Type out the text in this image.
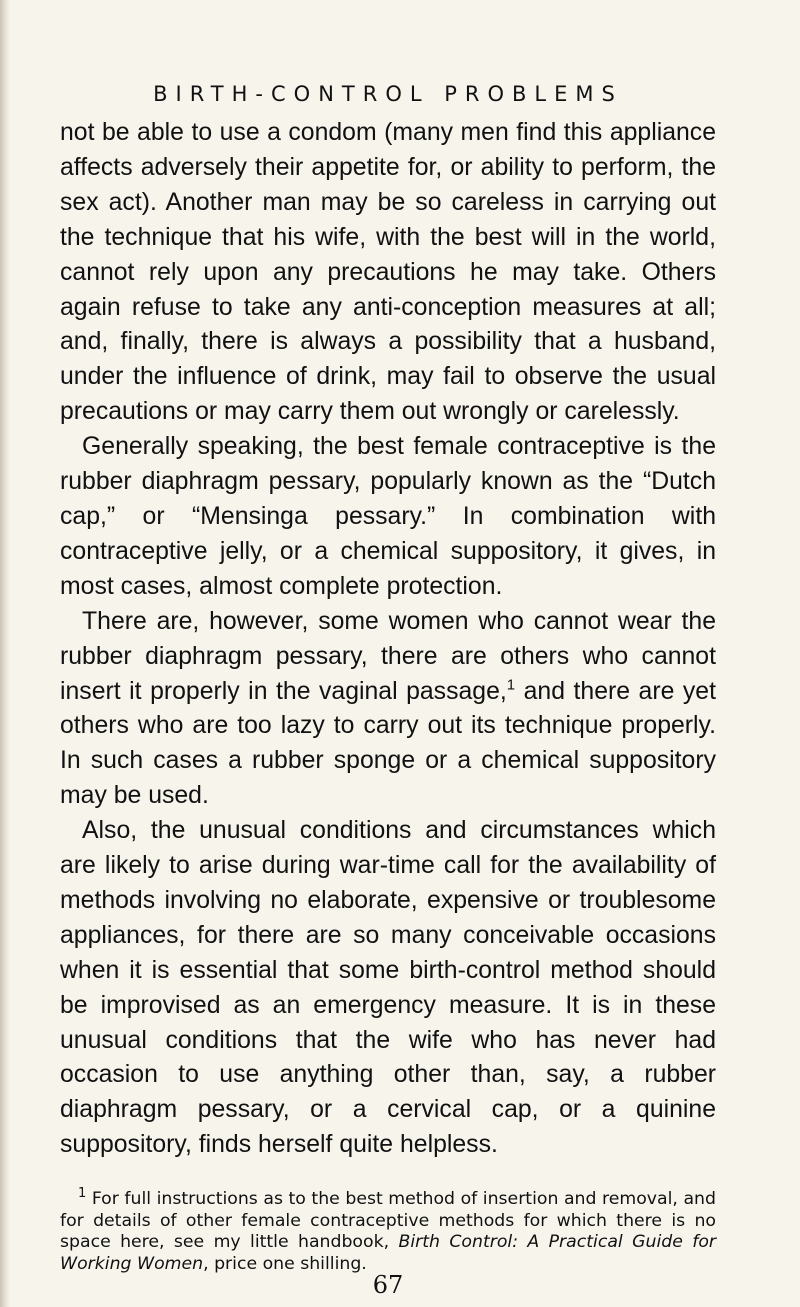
BIRTH-CONTROL PROBLEMS

not be able to use a condom (many men find this appliance affects adversely their appetite for, or ability to perform, the sex act). Another man may be so careless in carrying out the technique that his wife, with the best will in the world, cannot rely upon any precautions he may take. Others again refuse to take any anti-conception measures at all; and, finally, there is always a possibility that a husband, under the influence of drink, may fail to observe the usual precautions or may carry them out wrongly or carelessly.

Generally speaking, the best female contraceptive is the rubber diaphragm pessary, popularly known as the “Dutch cap,” or “Mensinga pessary.” In combination with contraceptive jelly, or a chemical suppository, it gives, in most cases, almost complete protection.

There are, however, some women who cannot wear the rubber diaphragm pessary, there are others who cannot insert it properly in the vaginal passage,$^1$ and there are yet others who are too lazy to carry out its technique properly. In such cases a rubber sponge or a chemical suppository may be used.

Also, the unusual conditions and circumstances which are likely to arise during war-time call for the availability of methods involving no elaborate, expensive or troublesome appliances, for there are so many conceivable occasions when it is essential that some birth-control method should be improvised as an emergency measure. It is in these unusual conditions that the wife who has never had occasion to use anything other than, say, a rubber diaphragm pessary, or a cervical cap, or a quinine suppository, finds herself quite helpless.

$^1$ For full instructions as to the best method of insertion and removal, and for details of other female contraceptive methods for which there is no space here, see my little handbook, Birth Control: A Practical Guide for Working Women, price one shilling.
67
